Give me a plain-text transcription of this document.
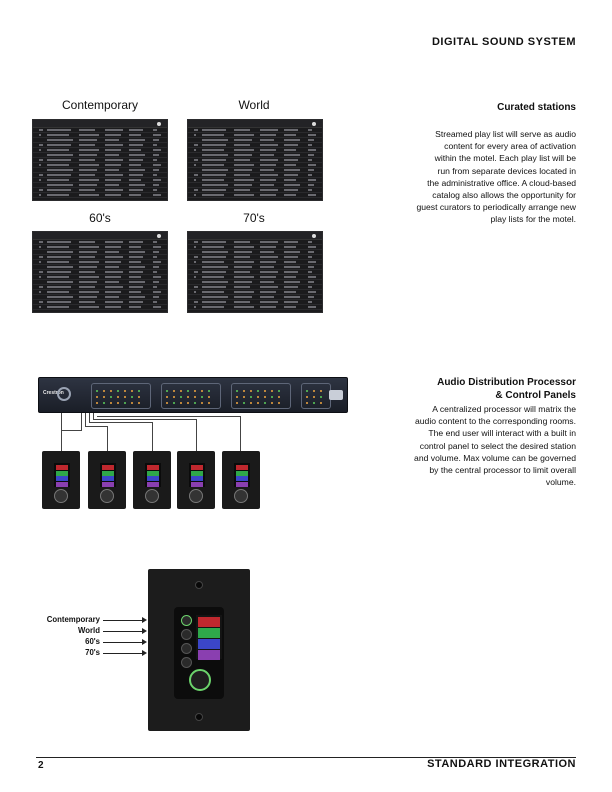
DIGITAL SOUND SYSTEM
Contemporary	World
60's	70's
Curated stations
Streamed play list will serve as audio
content for every area of activation
within the motel. Each play list will be
run from separate devices located in
the administrative office. A cloud-based
catalog also allows the opportunity for
guest curators to periodically arrange new
play lists for the motel.
Crestron
Audio Distribution Processor
& Control Panels
A centralized processor will matrix the
audio content to the corresponding rooms.
The end user will interact with a built in
control panel to select the desired station
and volume. Max volume can be governed
by the central processor to limit overall
volume.
Contemporary
World
60's
70's
2	STANDARD INTEGRATION
